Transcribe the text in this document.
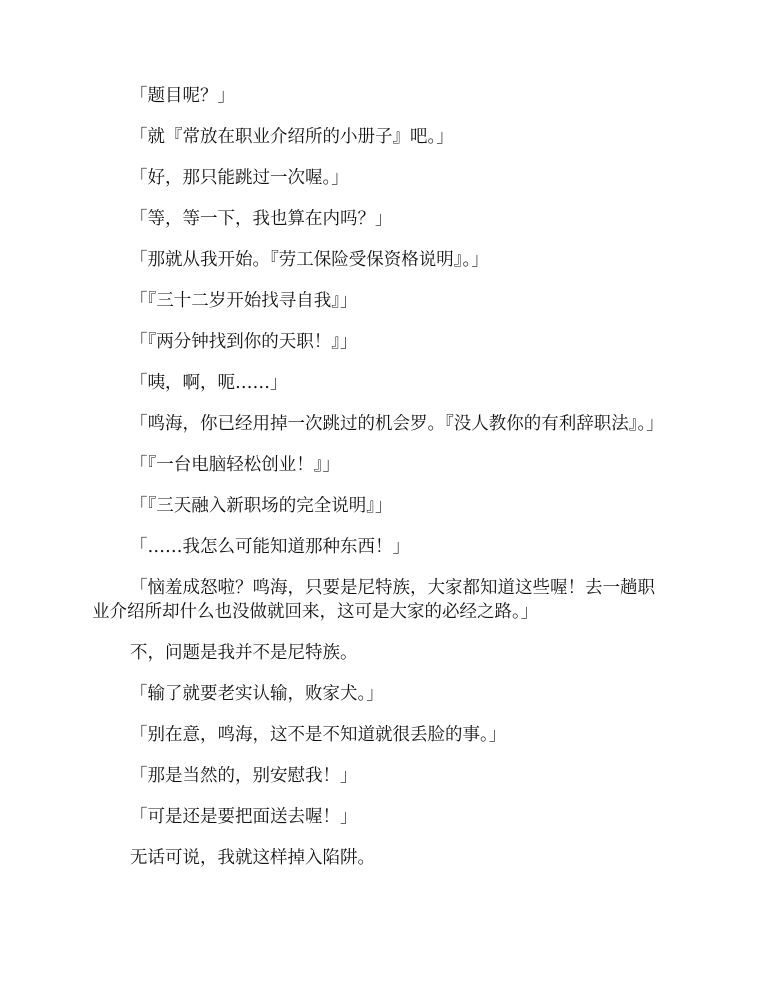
「题目呢？」

「就『常放在职业介绍所的小册子』吧。」

「好，那只能跳过一次喔。」

「等，等一下，我也算在内吗？」

「那就从我开始。『劳工保险受保资格说明』。」

「『三十二岁开始找寻自我』」

「『两分钟找到你的天职！』」

「咦，啊，呃……」

「鸣海，你已经用掉一次跳过的机会罗。『没人教你的有利辞职法』。」

「『一台电脑轻松创业！』」

「『三天融入新职场的完全说明』」

「……我怎么可能知道那种东西！」

「恼羞成怒啦？鸣海，只要是尼特族，大家都知道这些喔！去一趟职业介绍所却什么也没做就回来，这可是大家的必经之路。」

不，问题是我并不是尼特族。

「输了就要老实认输，败家犬。」

「别在意，鸣海，这不是不知道就很丢脸的事。」

「那是当然的，别安慰我！」

「可是还是要把面送去喔！」

无话可说，我就这样掉入陷阱。
